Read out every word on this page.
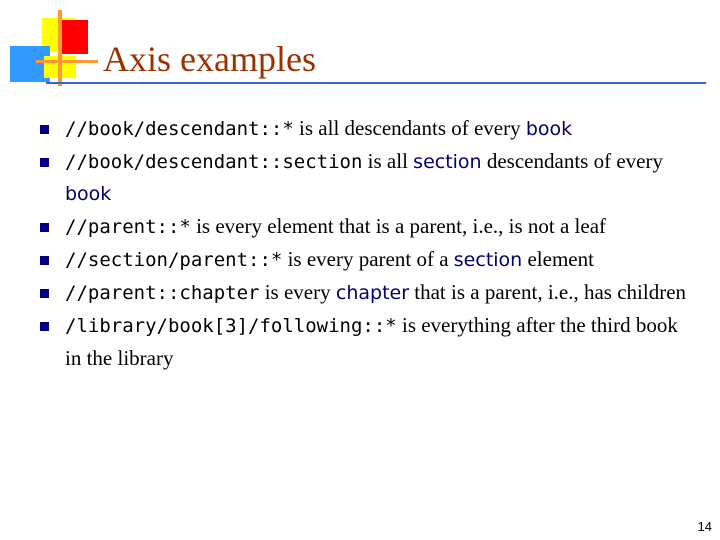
Axis examples
//book/descendant::* is all descendants of every book
//book/descendant::section is all section descendants of every book
//parent::* is every element that is a parent, i.e., is not a leaf
//section/parent::* is every parent of a section element
//parent::chapter is every chapter that is a parent, i.e., has children
/library/book[3]/following::* is everything after the third book in the library
14
